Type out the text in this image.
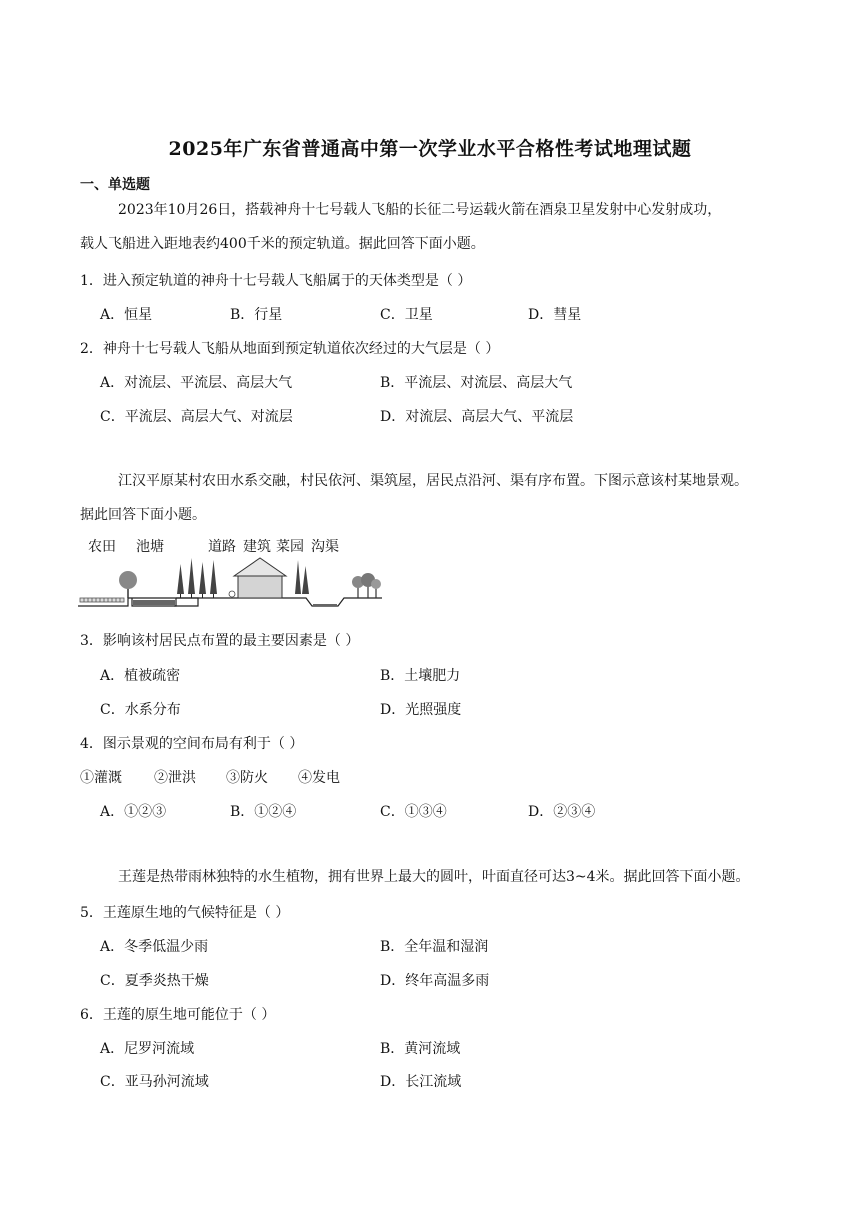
2025年广东省普通高中第一次学业水平合格性考试地理试题
一、单选题
2023年10月26日，搭载神舟十七号载人飞船的长征二号运载火箭在酒泉卫星发射中心发射成功，
载人飞船进入距地表约400千米的预定轨道。据此回答下面小题。
1．进入预定轨道的神舟十七号载人飞船属于的天体类型是（ ）
A．恒星	B．行星	C．卫星	D．彗星
2．神舟十七号载人飞船从地面到预定轨道依次经过的大气层是（ ）
A．对流层、平流层、高层大气	B．平流层、对流层、高层大气
C．平流层、高层大气、对流层	D．对流层、高层大气、平流层
江汉平原某村农田水系交融，村民依河、渠筑屋，居民点沿河、渠有序布置。下图示意该村某地景观。
据此回答下面小题。
农田 池塘	道路 建筑 菜园 沟渠
3．影响该村居民点布置的最主要因素是（ ）
A．植被疏密	B．土壤肥力
C．水系分布	D．光照强度
4．图示景观的空间布局有利于（ ）
①灌溉 ②泄洪 ③防火 ④发电
A．①②③	B．①②④	C．①③④	D．②③④
王莲是热带雨林独特的水生植物，拥有世界上最大的圆叶，叶面直径可达3~4米。据此回答下面小题。
5．王莲原生地的气候特征是（ ）
A．冬季低温少雨	B．全年温和湿润
C．夏季炎热干燥	D．终年高温多雨
6．王莲的原生地可能位于（ ）
A．尼罗河流域	B．黄河流域
C．亚马孙河流域	D．长江流域
